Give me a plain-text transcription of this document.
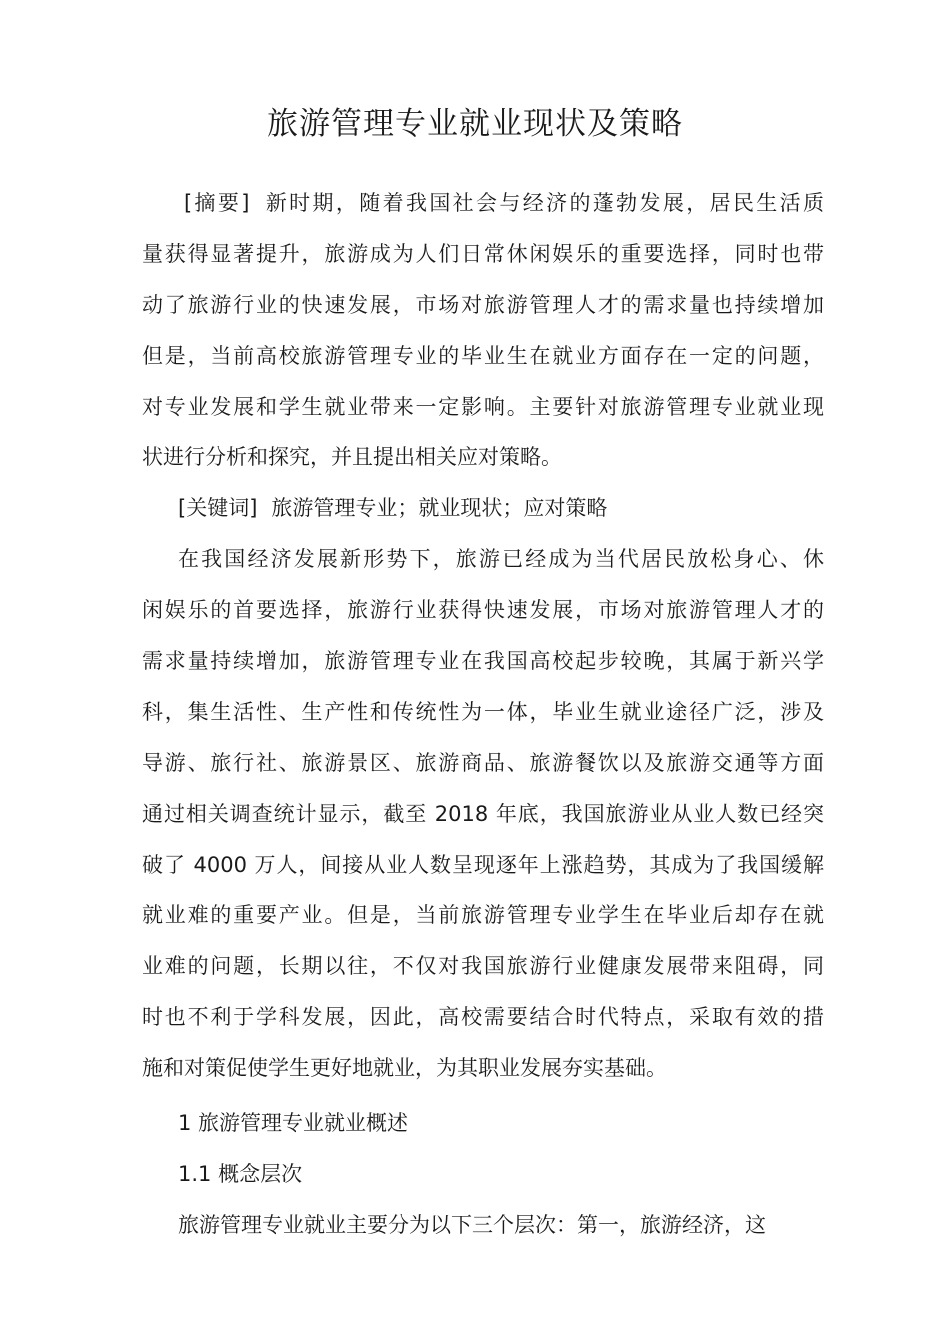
旅游管理专业就业现状及策略
[摘要] 新时期，随着我国社会与经济的蓬勃发展，居民生活质
量获得显著提升，旅游成为人们日常休闲娱乐的重要选择，同时也带
动了旅游行业的快速发展，市场对旅游管理人才的需求量也持续增加
但是，当前高校旅游管理专业的毕业生在就业方面存在一定的问题，
对专业发展和学生就业带来一定影响。主要针对旅游管理专业就业现
状进行分析和探究，并且提出相关应对策略。
[关键词] 旅游管理专业；就业现状；应对策略
在我国经济发展新形势下，旅游已经成为当代居民放松身心、休
闲娱乐的首要选择，旅游行业获得快速发展，市场对旅游管理人才的
需求量持续增加，旅游管理专业在我国高校起步较晚，其属于新兴学
科，集生活性、生产性和传统性为一体，毕业生就业途径广泛，涉及
导游、旅行社、旅游景区、旅游商品、旅游餐饮以及旅游交通等方面
通过相关调查统计显示，截至 2018 年底，我国旅游业从业人数已经突
破了 4000 万人，间接从业人数呈现逐年上涨趋势，其成为了我国缓解
就业难的重要产业。但是，当前旅游管理专业学生在毕业后却存在就
业难的问题，长期以往，不仅对我国旅游行业健康发展带来阻碍，同
时也不利于学科发展，因此，高校需要结合时代特点，采取有效的措
施和对策促使学生更好地就业，为其职业发展夯实基础。
1 旅游管理专业就业概述
1.1 概念层次
旅游管理专业就业主要分为以下三个层次：第一，旅游经济，这
